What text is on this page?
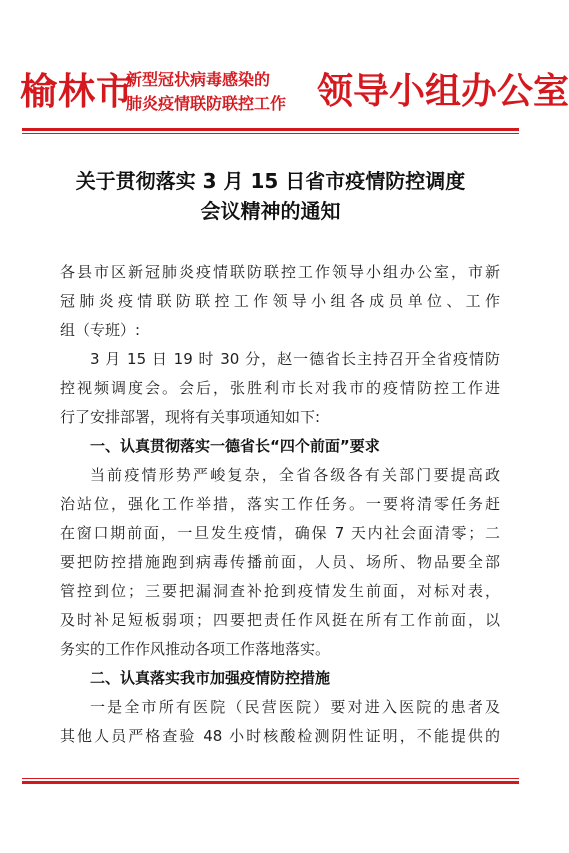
榆林市
新型冠状病毒感染的
肺炎疫情联防联控工作 领导小组办公室
关于贯彻落实 3 月 15 日省市疫情防控调度
会议精神的通知
各县市区新冠肺炎疫情联防联控工作领导小组办公室，市新
冠肺炎疫情联防联控工作领导小组各成员单位、工作
组（专班）:
3 月 15 日 19 时 30 分，赵一德省长主持召开全省疫情防
控视频调度会。会后，张胜利市长对我市的疫情防控工作进
行了安排部署，现将有关事项通知如下:
一、认真贯彻落实一德省长“四个前面”要求
当前疫情形势严峻复杂，全省各级各有关部门要提高政
治站位，强化工作举措，落实工作任务。一要将清零任务赶
在窗口期前面，一旦发生疫情，确保 7 天内社会面清零；二
要把防控措施跑到病毒传播前面，人员、场所、物品要全部
管控到位；三要把漏洞查补抢到疫情发生前面，对标对表，
及时补足短板弱项；四要把责任作风挺在所有工作前面，以
务实的工作作风推动各项工作落地落实。
二、认真落实我市加强疫情防控措施
一是全市所有医院（民营医院）要对进入医院的患者及
其他人员严格查验 48 小时核酸检测阴性证明，不能提供的
